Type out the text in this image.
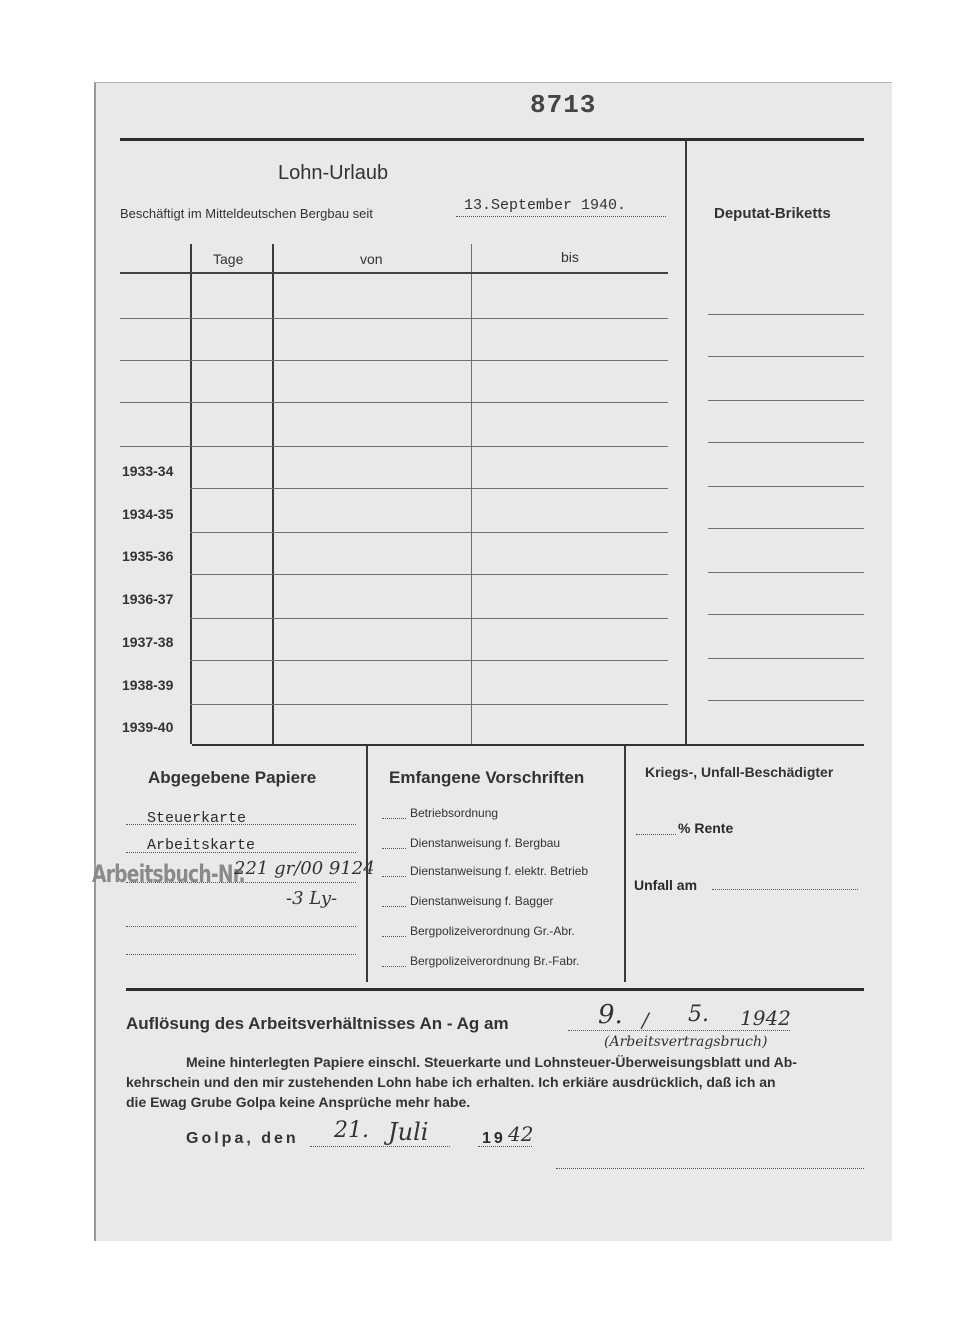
8713
Lohn-Urlaub
Beschäftigt im Mitteldeutschen Bergbau seit	13.September 1940.	Deputat-Briketts
Tage	von	bis
1933-34
1934-35
1935-36
1936-37
1937-38
1938-39
1939-40
Abgegebene Papiere
Steuerkarte
Arbeitskarte
Arbeitsbuch-Nr.
221 gr/00 9124
-3 Ly-
Emfangene Vorschriften
Betriebsordnung
Dienstanweisung f. Bergbau
Dienstanweisung f. elektr. Betrieb
Dienstanweisung f. Bagger
Bergpolizeiverordnung Gr.-Abr.
Bergpolizeiverordnung Br.-Fabr.
Kriegs-, Unfall-Beschädigter
% Rente
Unfall am
Auflösung des Arbeitsverhältnisses An - Ag am	9. / 5. 1942
(Arbeitsvertragsbruch)
Meine hinterlegten Papiere einschl. Steuerkarte und Lohnsteuer-Überweisungsblatt und Ab-
kehrschein und den mir zustehenden Lohn habe ich erhalten. Ich erkiäre ausdrücklich, daß ich an
die Ewag Grube Golpa keine Ansprüche mehr habe.
Golpa, den 21. Juli	19 42
